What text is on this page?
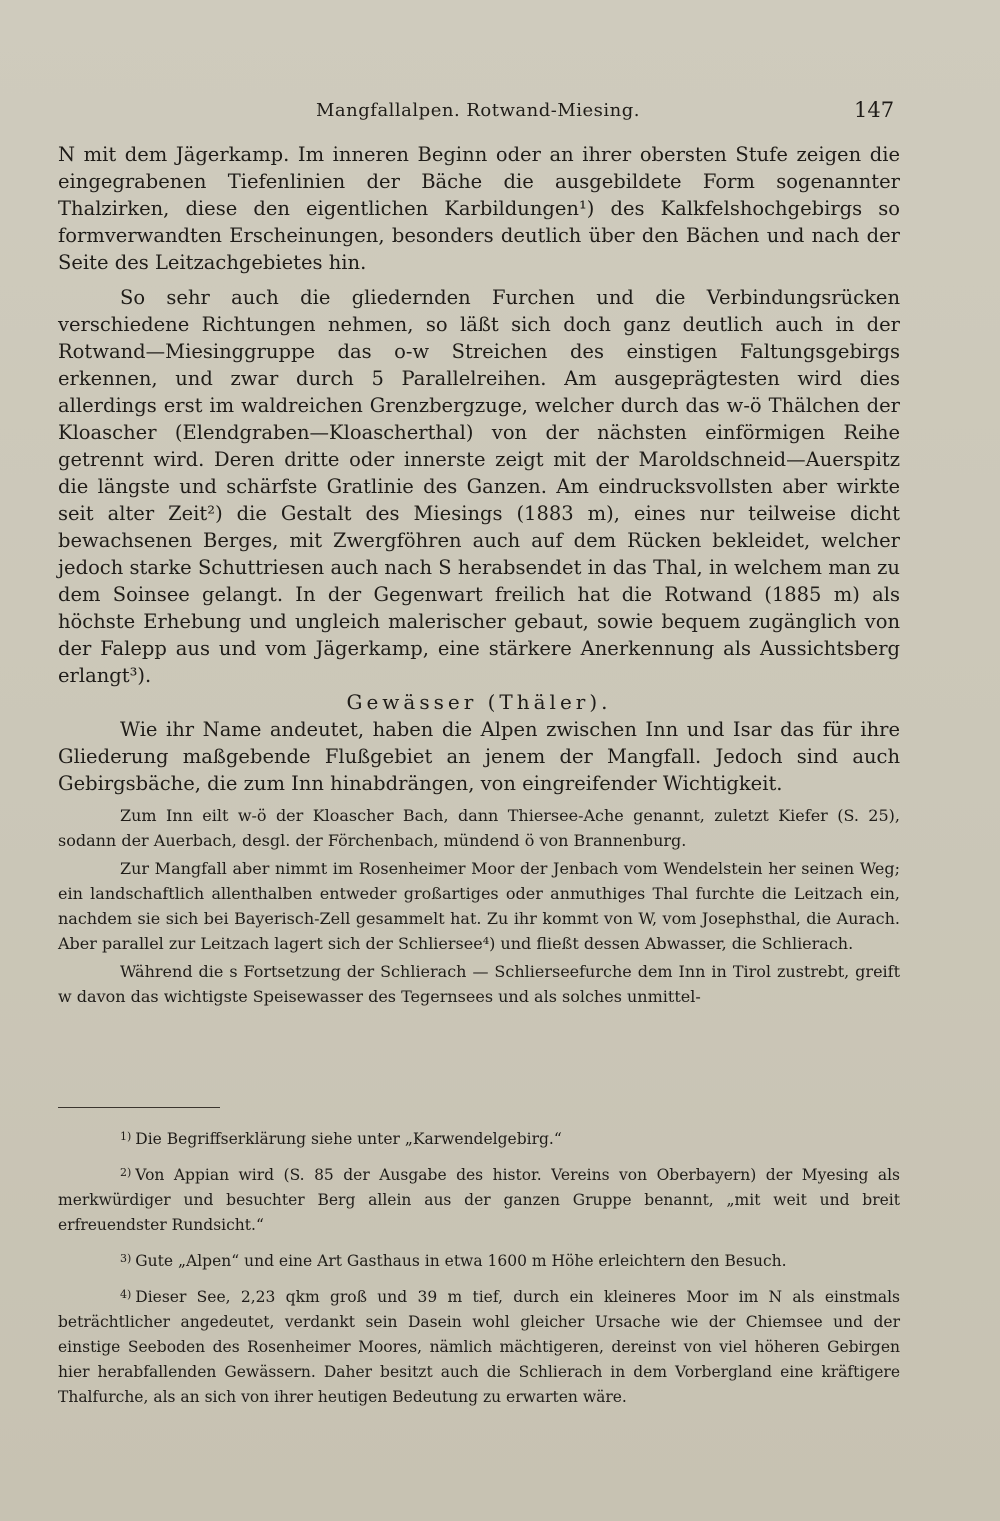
Mangfallalpen. Rotwand-Miesing.	147

N mit dem Jägerkamp. Im inneren Beginn oder an ihrer obersten Stufe zeigen die eingegrabenen Tiefenlinien der Bäche die ausgebildete Form sogenannter Thalzirken, diese den eigentlichen Karbildungen¹) des Kalkfelshochgebirgs so formverwandten Erscheinungen, besonders deutlich über den Bächen und nach der Seite des Leitzachgebietes hin.

So sehr auch die gliedernden Furchen und die Verbindungsrücken verschiedene Richtungen nehmen, so läßt sich doch ganz deutlich auch in der Rotwand—Miesinggruppe das o-w Streichen des einstigen Faltungsgebirgs erkennen, und zwar durch 5 Parallelreihen. Am ausgeprägtesten wird dies allerdings erst im waldreichen Grenzbergzuge, welcher durch das w-ö Thälchen der Kloascher (Elendgraben—Kloascherthal) von der nächsten einförmigen Reihe getrennt wird. Deren dritte oder innerste zeigt mit der Marold​schneid—Auerspitz die längste und schärfste Gratlinie des Ganzen. Am eindrucksvollsten aber wirkte seit alter Zeit²) die Gestalt des Miesings (1883 m), eines nur teilweise dicht bewachsenen Berges, mit Zwergföhren auch auf dem Rücken bekleidet, welcher jedoch starke Schuttriesen auch nach S herabsendet in das Thal, in welchem man zu dem Soinsee gelangt. In der Gegenwart freilich hat die Rotwand (1885 m) als höchste Erhebung und ungleich malerischer gebaut, sowie bequem zugänglich von der Falepp aus und vom Jägerkamp, eine stärkere Anerkennung als Aussichtsberg erlangt³).

Gewässer (Thäler).

Wie ihr Name andeutet, haben die Alpen zwischen Inn und Isar das für ihre Gliederung maßgebende Flußgebiet an jenem der Mangfall. Jedoch sind auch Gebirgsbäche, die zum Inn hinabdrängen, von eingreifender Wichtigkeit.

Zum Inn eilt w-ö der Kloascher Bach, dann Thiersee-Ache genannt, zuletzt Kiefer (S. 25), sodann der Auerbach, desgl. der Förchenbach, mündend ö von Brannenburg.

Zur Mangfall aber nimmt im Rosenheimer Moor der Jenbach vom Wendelstein her seinen Weg; ein landschaftlich allenthalben entweder großartiges oder anmuthiges Thal furchte die Leitzach ein, nachdem sie sich bei Bayerisch-Zell gesammelt hat. Zu ihr kommt von W, vom Josephsthal, die Aurach. Aber parallel zur Leitzach lagert sich der Schliersee⁴) und fließt dessen Abwasser, die Schlierach.

Während die s Fortsetzung der Schlierach — Schlierseefurche dem Inn in Tirol zustrebt, greift w davon das wichtigste Speisewasser des Tegernsees und als solches unmittel-

$^{1)}$ Die Begriffserklärung siehe unter „Karwendelgebirg.“

$^{2)}$ Von Appian wird (S. 85 der Ausgabe des histor. Vereins von Oberbayern) der Myesing als merkwürdiger und besuchter Berg allein aus der ganzen Gruppe benannt, „mit weit und breit erfreuendster Rundsicht.“

$^{3)}$ Gute „Alpen“ und eine Art Gasthaus in etwa 1600 m Höhe erleichtern den Besuch.

$^{4)}$ Dieser See, 2,23 qkm groß und 39 m tief, durch ein kleineres Moor im N als einstmals beträchtlicher angedeutet, verdankt sein Dasein wohl gleicher Ursache wie der Chiemsee und der einstige Seeboden des Rosenheimer Moores, nämlich mächtigeren, dereinst von viel höheren Gebirgen hier herabfallenden Gewässern. Daher besitzt auch die Schlierach in dem Vorbergland eine kräftigere Thalfurche, als an sich von ihrer heutigen Bedeutung zu erwarten wäre.
